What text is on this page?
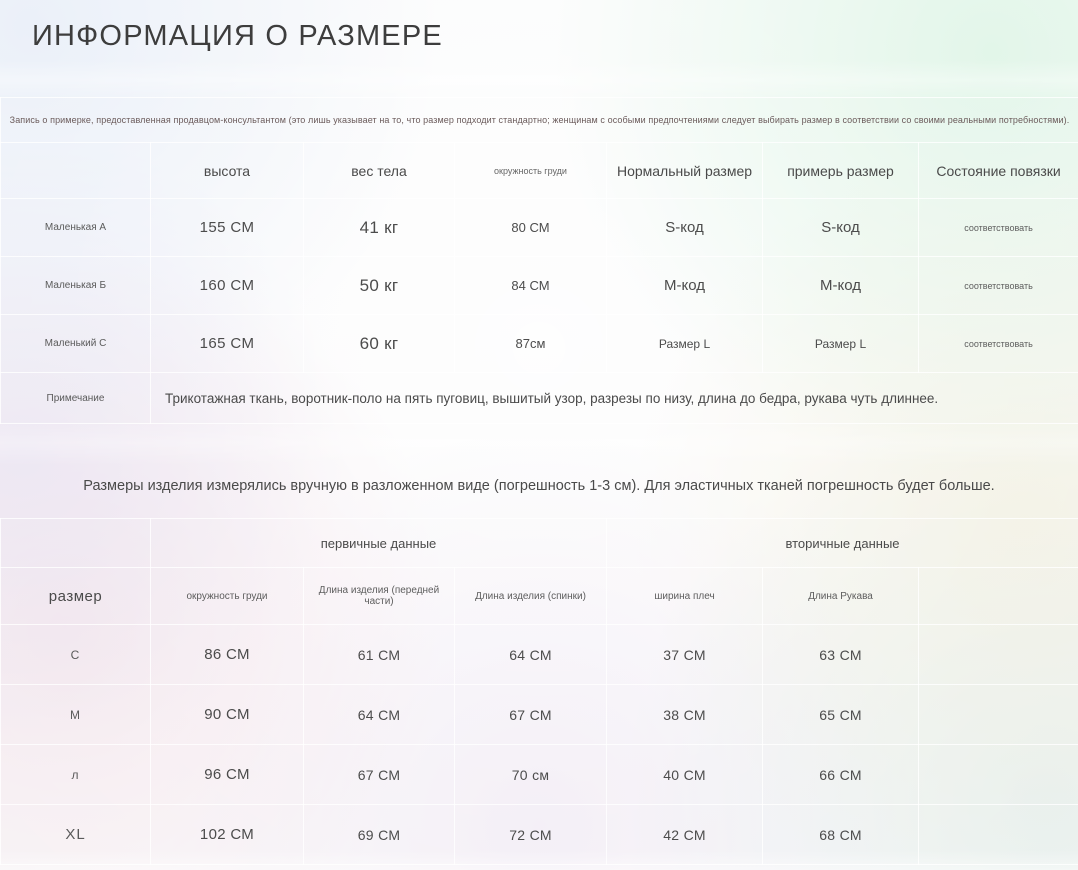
ИНФОРМАЦИЯ О РАЗМЕРЕ
Запись о примерке, предоставленная продавцом-консультантом (это лишь указывает на то, что размер подходит стандартно; женщинам с особыми предпочтениями следует выбирать размер в соответствии со своими реальными потребностями).						
	высота	вес тела	окружность груди	Нормальный размер	примерь размер	Состояние повязки
Маленькая А	155 СМ	41 кг	80 СМ	S-код	S-код	соответствовать
Маленькая Б	160 СМ	50 кг	84 СМ	М-код	М-код	соответствовать
Маленький С	165 СМ	60 кг	87см	Размер L	Размер L	соответствовать
Примечание	Трикотажная ткань, воротник-поло на пять пуговиц, вышитый узор, разрезы по низу, длина до бедра, рукава чуть длиннее.					
Размеры изделия измерялись вручную в разложенном виде (погрешность 1-3 см). Для эластичных тканей погрешность будет больше.
	первичные данные			вторичные данные		
размер	окружность груди	Длина изделия (передней части)	Длина изделия (спинки)	ширина плеч	Длина Рукава	
С	86 СМ	61 СМ	64 СМ	37 СМ	63 СМ	
М	90 СМ	64 СМ	67 СМ	38 СМ	65 СМ	
л	96 СМ	67 СМ	70 см	40 СМ	66 СМ	
XL	102 СМ	69 СМ	72 СМ	42 СМ	68 СМ	
